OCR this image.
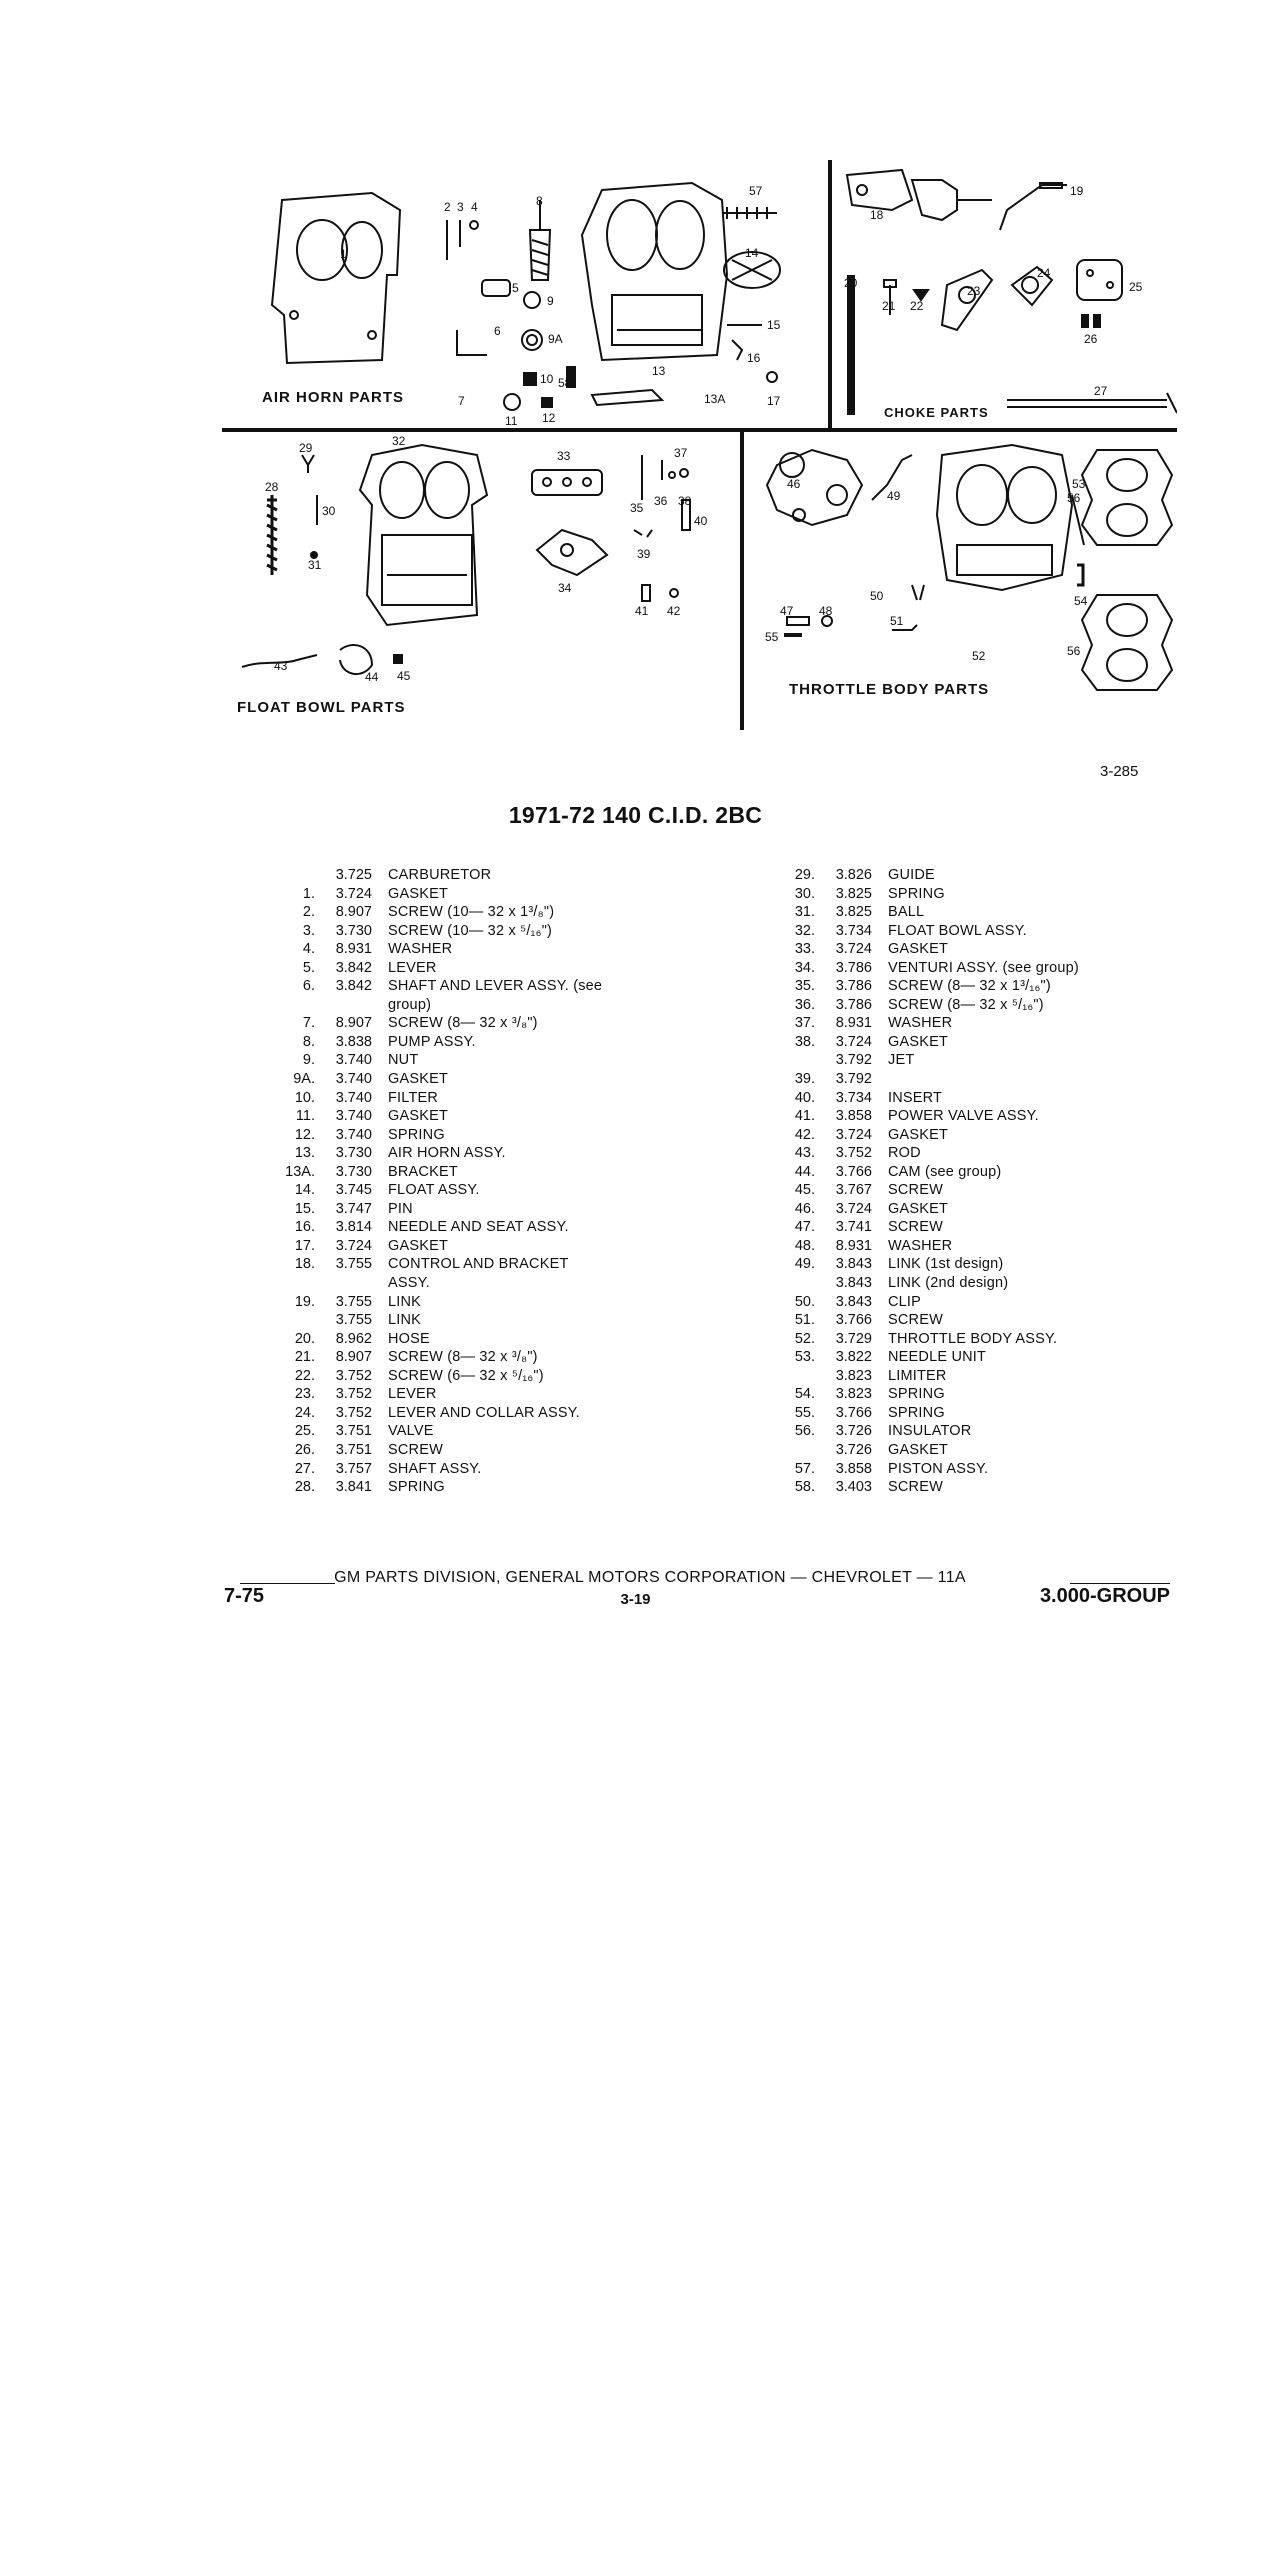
1
2 3 4
5
6
7
8
9
9A
10
11 12
13
13A
14
15
16
17
58
57
18
19
20
21 22
23
24
25
26
27
28
29
30
31
32
33
34
35 36
37
38
39
40
41 42
43
44 45
46
47 48
49
50
51
52
53
54
55
56
56
AIR HORN PARTS
CHOKE PARTS
FLOAT BOWL PARTS
THROTTLE BODY PARTS
3-285
1971-72 140 C.I.D. 2BC
3.725 CARBURETOR
1.	3.724 GASKET
2.	8.907 SCREW (10— 32 x 1³/₈")
3.	3.730 SCREW (10— 32 x ⁵/₁₆")
4.	8.931 WASHER
5.	3.842 LEVER
6.	3.842 SHAFT AND LEVER ASSY. (see
group)
7.	8.907 SCREW (8— 32 x ³/₈")
8.	3.838 PUMP ASSY.
9.	3.740 NUT
9A.	3.740 GASKET
10.	3.740 FILTER
11.	3.740 GASKET
12.	3.740 SPRING
13.	3.730 AIR HORN ASSY.
13A.	3.730 BRACKET
14.	3.745 FLOAT ASSY.
15.	3.747 PIN
16.	3.814 NEEDLE AND SEAT ASSY.
17.	3.724 GASKET
18.	3.755 CONTROL AND BRACKET
ASSY.
19.	3.755 LINK
3.755 LINK
20.	8.962 HOSE
21.	8.907 SCREW (8— 32 x ³/₈")
22.	3.752 SCREW (6— 32 x ⁵/₁₆")
23.	3.752 LEVER
24.	3.752 LEVER AND COLLAR ASSY.
25.	3.751 VALVE
26.	3.751 SCREW
27.	3.757 SHAFT ASSY.
28.	3.841 SPRING
29.	3.826 GUIDE
30.	3.825 SPRING
31.	3.825 BALL
32.	3.734 FLOAT BOWL ASSY.
33.	3.724 GASKET
34.	3.786 VENTURI ASSY. (see group)
35.	3.786 SCREW (8— 32 x 1³/₁₆")
36.	3.786 SCREW (8— 32 x ⁵/₁₆")
37.	8.931 WASHER
38.	3.724 GASKET
3.792 JET
39.	3.792
40.	3.734 INSERT
41.	3.858 POWER VALVE ASSY.
42.	3.724 GASKET
43.	3.752 ROD
44.	3.766 CAM (see group)
45.	3.767 SCREW
46.	3.724 GASKET
47.	3.741 SCREW
48.	8.931 WASHER
49.	3.843 LINK (1st design)
3.843 LINK (2nd design)
50.	3.843 CLIP
51.	3.766 SCREW
52.	3.729 THROTTLE BODY ASSY.
53.	3.822 NEEDLE UNIT
3.823 LIMITER
54.	3.823 SPRING
55.	3.766 SPRING
56.	3.726 INSULATOR
3.726 GASKET
57.	3.858 PISTON ASSY.
58.	3.403 SCREW
GM PARTS DIVISION, GENERAL MOTORS CORPORATION — CHEVROLET — 11A
7-75	3-19	3.000-GROUP
